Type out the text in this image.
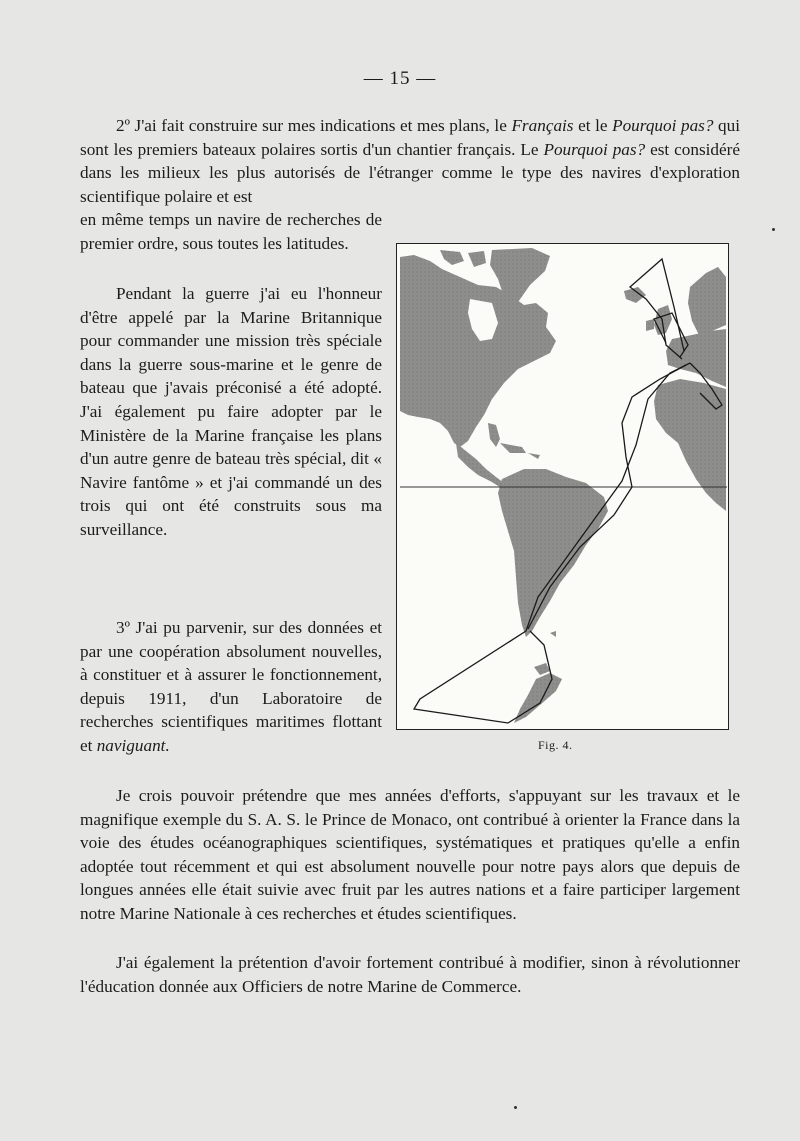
— 15 —

2º J'ai fait construire sur mes indications et mes plans, le Français et le Pourquoi pas? qui sont les premiers bateaux polaires sortis d'un chantier français. Le Pourquoi pas? est considéré dans les milieux les plus autorisés de l'étranger comme le type des navires d'exploration scientifique polaire et est

en même temps un navire de recherches de premier ordre, sous toutes les latitudes.

Pendant la guerre j'ai eu l'honneur d'être appelé par la Marine Britannique pour commander une mission très spéciale dans la guerre sous-marine et le genre de bateau que j'avais préconisé a été adopté. J'ai également pu faire adopter par le Ministère de la Marine française les plans d'un autre genre de bateau très spécial, dit « Navire fantôme » et j'ai commandé un des trois qui ont été construits sous ma surveillance.

3º J'ai pu parvenir, sur des données et par une coopération absolument nouvelles, à constituer et à assurer le fonctionnement, depuis 1911, d'un Laboratoire de recherches scientifiques maritimes flottant et naviguant.

Je crois pouvoir prétendre que mes années d'efforts, s'appuyant sur les travaux et le magnifique exemple du S. A. S. le Prince de Monaco, ont contribué à orienter la France dans la voie des études océanographiques scientifiques, systématiques et pratiques qu'elle a enfin adoptée tout récemment et qui est absolument nouvelle pour notre pays alors que depuis de longues années elle était suivie avec fruit par les autres nations et a faire participer largement notre Marine Nationale à ces recherches et études scientifiques.

J'ai également la prétention d'avoir fortement contribué à modifier, sinon à révolutionner l'éducation donnée aux Officiers de notre Marine de Commerce.

Fig. 4.
